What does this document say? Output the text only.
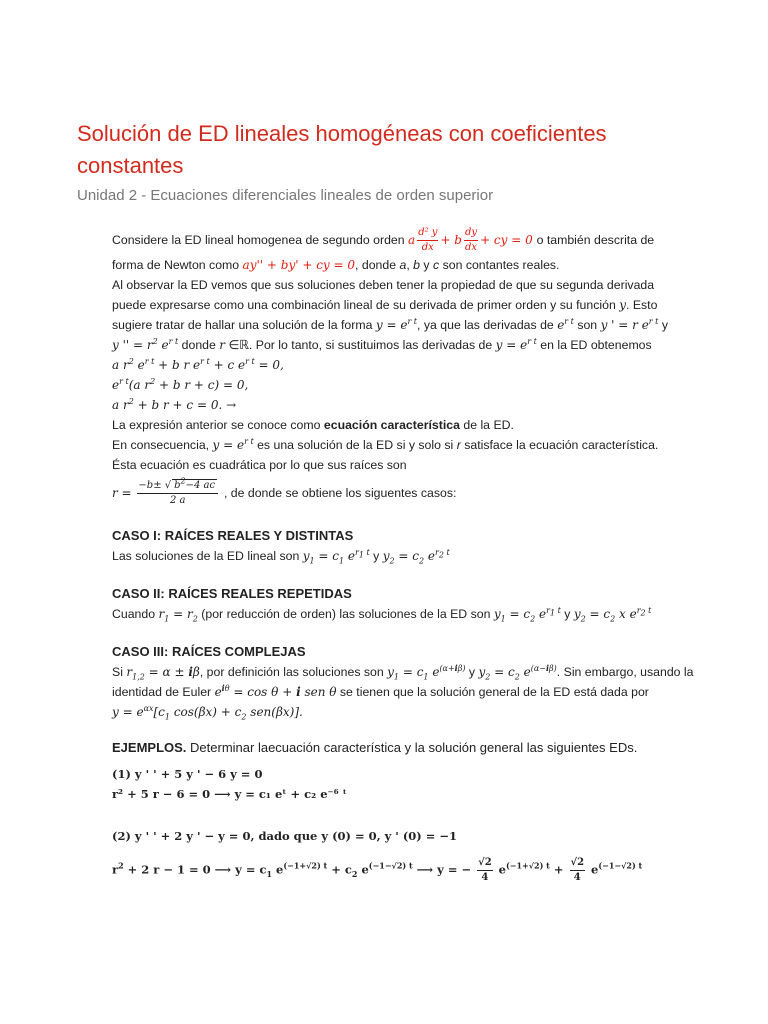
Solución de ED lineales homogéneas con coeficientes constantes
Unidad 2 - Ecuaciones diferenciales lineales de orden superior
Considere la ED lineal homogenea de segundo orden a $\frac{\text{d² y}}{dx} + b \frac{dy}{dx}$ + cy = 0 o también descrita de
forma de Newton como ay'' + by' + cy = 0, donde a, b y c son contantes reales.
Al observar la ED vemos que sus soluciones deben tener la propiedad de que su segunda derivada
puede expresarse como una combinación lineal de su derivada de primer orden y su función y. Esto
sugiere tratar de hallar una solución de la forma $y = e^{r t}$, ya que las derivadas de $e^{r t}$ son y ' = r $e^{r t}$ y
y '' = $r^2$ $e^{r t}$ donde r ∈ℝ. Por lo tanto, si sustituimos las derivadas de $y = e^{r t}$ en la ED obtenemos
a $r^2$ $e^{r t} + b$ r $e^{r t} + c$ $e^{r t} = 0$,
$e^{r t}(a$ $r^2 + b$ r + c) = 0,
a $r^2 + b$ r + c = 0. →
La expresión anterior se conoce como ecuación característica de la ED.
En consecuencia, $y = e^{r t}$ es una solución de la ED si y solo si r satisface la ecuación característica.
Ésta ecuación es cuadrática por lo que sus raíces son
$r = \frac{-b\pm √ b^2-4 ac}{2 a}$ , de donde se obtiene los siguentes casos:
CASO I: RAÍCES REALES Y DISTINTAS
Las soluciones de la ED lineal son $y_1 = c_1$ $e^{r_1 t}$ y $y_2 = c_2$ $e^{r_2 t}$
CASO II: RAÍCES REALES REPETIDAS
Cuando $r_1 = r_2$ (por reducción de orden) las soluciones de la ED son $y_1 = c_2$ $e^{r_1 t}$ y $y_2 = c_2$ x $e^{r_2 t}$
CASO III: RAÍCES COMPLEJAS
Si $r_{1,2} = \alpha \pm i\beta$, por definición las soluciones son $y_1 = c_1$ $e^{(\alpha+i\beta)}$ y $y_2 = c_2$ $e^{(\alpha-i\beta)}$. Sin embargo, usando la
identidad de Euler $e^{i\theta} = \cos \theta + i$ sen θ se tienen que la solución general de la ED está dada por
$y = e^{\alpha x}[c_1$ $\cos(\beta x) + c_2$ sen(βx)].
EJEMPLOS. Determinar laecuación característica y la solución general las siguientes EDs.
(1) y ' ' + 5 y ' − 6 y = 0
r² + 5 r − 6 = 0 ⟶ y = c₁ eᵗ + c₂ e⁻⁶ ᵗ
(2) y ' ' + 2 y ' − y = 0, dado que y (0) = 0, y ' (0) = −1
$r^2 + 2$ r − 1 = 0 ⟶ $y = c_1$ $e^{(-1+√2) t} + c_2$ $e^{(-1-√2) t}$ ⟶ y = − $\frac{√2}{4} e^{(-1+√2) t} + \frac{√2}{4} e^{(-1-√2) t}$
